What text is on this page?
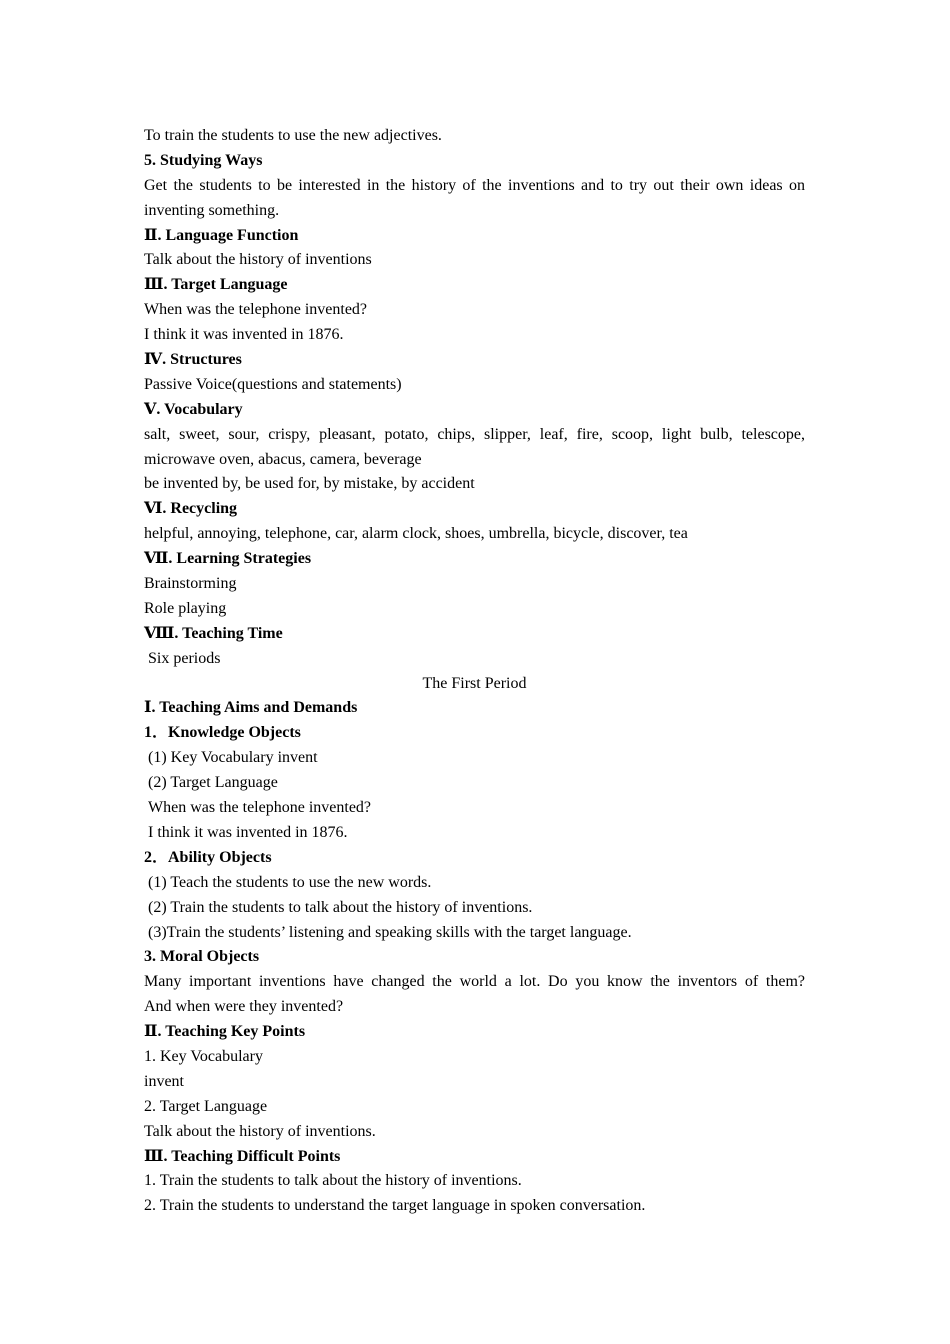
To train the students to use the new adjectives.
5. Studying Ways
Get the students to be interested in the history of the inventions and to try out their own ideas on
inventing something.
Ⅱ. Language Function
Talk about the history of inventions
Ⅲ. Target Language
When was the telephone invented?
I think it was invented in 1876.
Ⅳ. Structures
Passive Voice(questions and statements)
Ⅴ. Vocabulary
salt, sweet, sour, crispy, pleasant, potato, chips, slipper, leaf, fire, scoop, light bulb, telescope,
microwave oven, abacus, camera, beverage
be invented by, be used for, by mistake, by accident
Ⅵ. Recycling
helpful, annoying, telephone, car, alarm clock, shoes, umbrella, bicycle, discover, tea
Ⅶ. Learning Strategies
Brainstorming
Role playing
Ⅷ. Teaching Time
Six periods
The First Period
Ⅰ. Teaching Aims and Demands
1．Knowledge Objects
(1) Key Vocabulary invent
(2) Target Language
When was the telephone invented?
I think it was invented in 1876.
2．Ability Objects
(1) Teach the students to use the new words.
(2) Train the students to talk about the history of inventions.
(3)Train the students’ listening and speaking skills with the target language.
3. Moral Objects
Many important inventions have changed the world a lot. Do you know the inventors of them?
And when were they invented?
Ⅱ. Teaching Key Points
1. Key Vocabulary
invent
2. Target Language
Talk about the history of inventions.
Ⅲ. Teaching Difficult Points
1. Train the students to talk about the history of inventions.
2. Train the students to understand the target language in spoken conversation.
